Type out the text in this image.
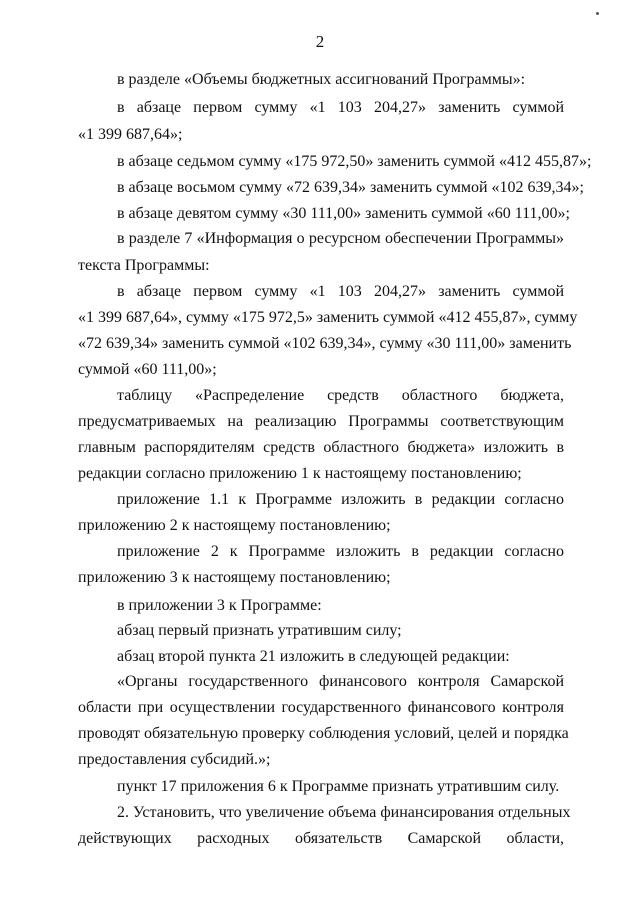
2
в разделе «Объемы бюджетных ассигнований Программы»:
в абзаце первом сумму «1 103 204,27» заменить суммой
«1 399 687,64»;
в абзаце седьмом сумму «175 972,50» заменить суммой «412 455,87»;
в абзаце восьмом сумму «72 639,34» заменить суммой «102 639,34»;
в абзаце девятом сумму «30 111,00» заменить суммой «60 111,00»;
в разделе 7 «Информация о ресурсном обеспечении Программы»
текста Программы:
в абзаце первом сумму «1 103 204,27» заменить суммой
«1 399 687,64», сумму «175 972,5» заменить суммой «412 455,87», сумму
«72 639,34» заменить суммой «102 639,34», сумму «30 111,00» заменить
суммой «60 111,00»;
таблицу «Распределение средств областного бюджета,
предусматриваемых на реализацию Программы соответствующим
главным распорядителям средств областного бюджета» изложить в
редакции согласно приложению 1 к настоящему постановлению;
приложение 1.1 к Программе изложить в редакции согласно
приложению 2 к настоящему постановлению;
приложение 2 к Программе изложить в редакции согласно
приложению 3 к настоящему постановлению;
в приложении 3 к Программе:
абзац первый признать утратившим силу;
абзац второй пункта 21 изложить в следующей редакции:
«Органы государственного финансового контроля Самарской
области при осуществлении государственного финансового контроля
проводят обязательную проверку соблюдения условий, целей и порядка
предоставления субсидий.»;
пункт 17 приложения 6 к Программе признать утратившим силу.
2. Установить, что увеличение объема финансирования отдельных
действующих расходных обязательств Самарской области,
